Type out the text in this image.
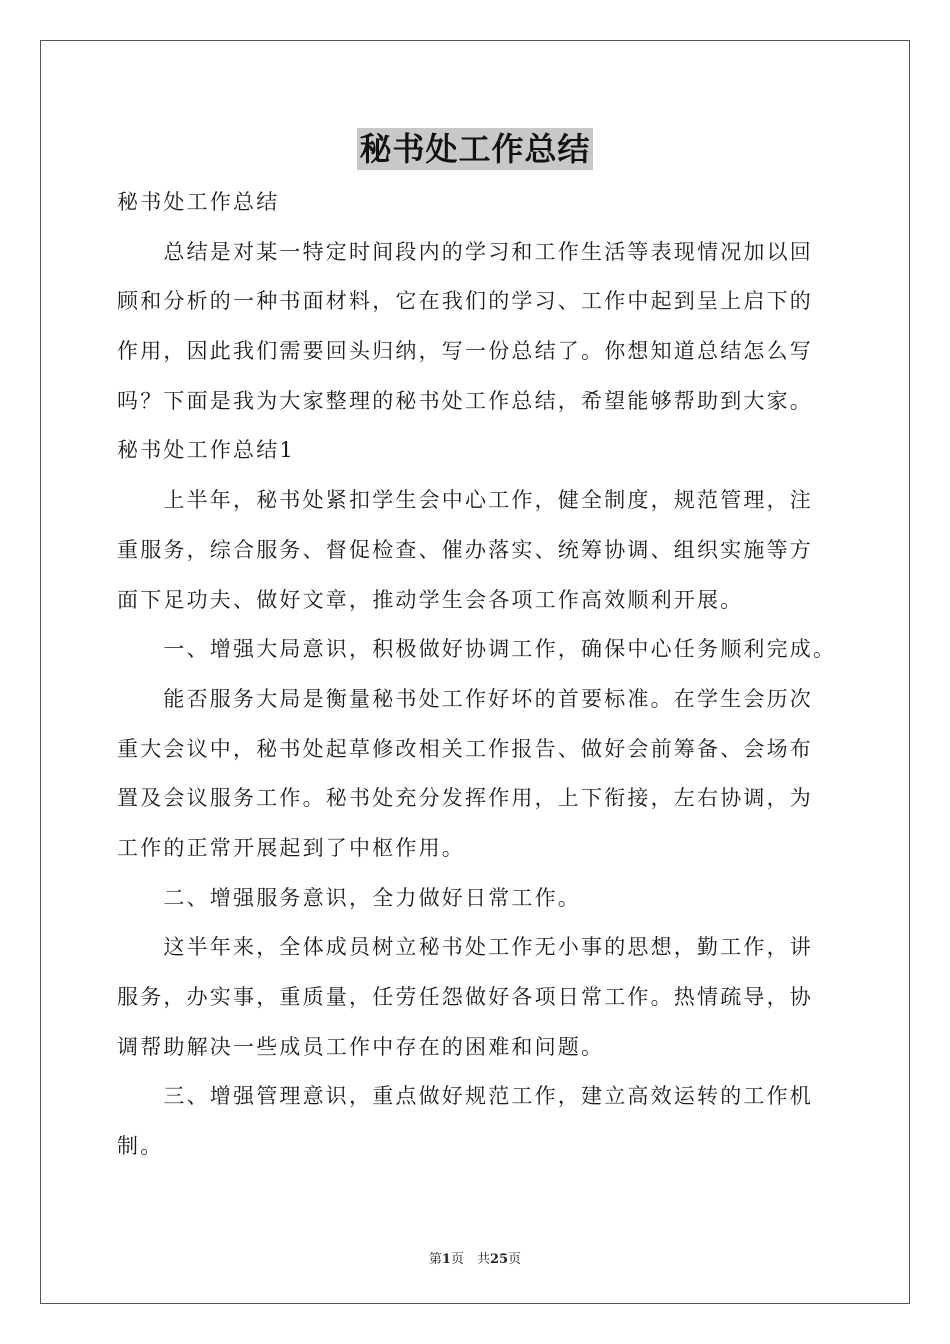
秘书处工作总结
秘书处工作总结
　　总结是对某一特定时间段内的学习和工作生活等表现情况加以回
顾和分析的一种书面材料，它在我们的学习、工作中起到呈上启下的
作用，因此我们需要回头归纳，写一份总结了。你想知道总结怎么写
吗？下面是我为大家整理的秘书处工作总结，希望能够帮助到大家。
秘书处工作总结1
　　上半年，秘书处紧扣学生会中心工作，健全制度，规范管理，注
重服务，综合服务、督促检查、催办落实、统筹协调、组织实施等方
面下足功夫、做好文章，推动学生会各项工作高效顺利开展。
　　一、增强大局意识，积极做好协调工作，确保中心任务顺利完成。
　　能否服务大局是衡量秘书处工作好坏的首要标准。在学生会历次
重大会议中，秘书处起草修改相关工作报告、做好会前筹备、会场布
置及会议服务工作。秘书处充分发挥作用，上下衔接，左右协调，为
工作的正常开展起到了中枢作用。
　　二、增强服务意识，全力做好日常工作。
　　这半年来，全体成员树立秘书处工作无小事的思想，勤工作，讲
服务，办实事，重质量，任劳任怨做好各项日常工作。热情疏导，协
调帮助解决一些成员工作中存在的困难和问题。
　　三、增强管理意识，重点做好规范工作，建立高效运转的工作机
制。
第1页　共25页
